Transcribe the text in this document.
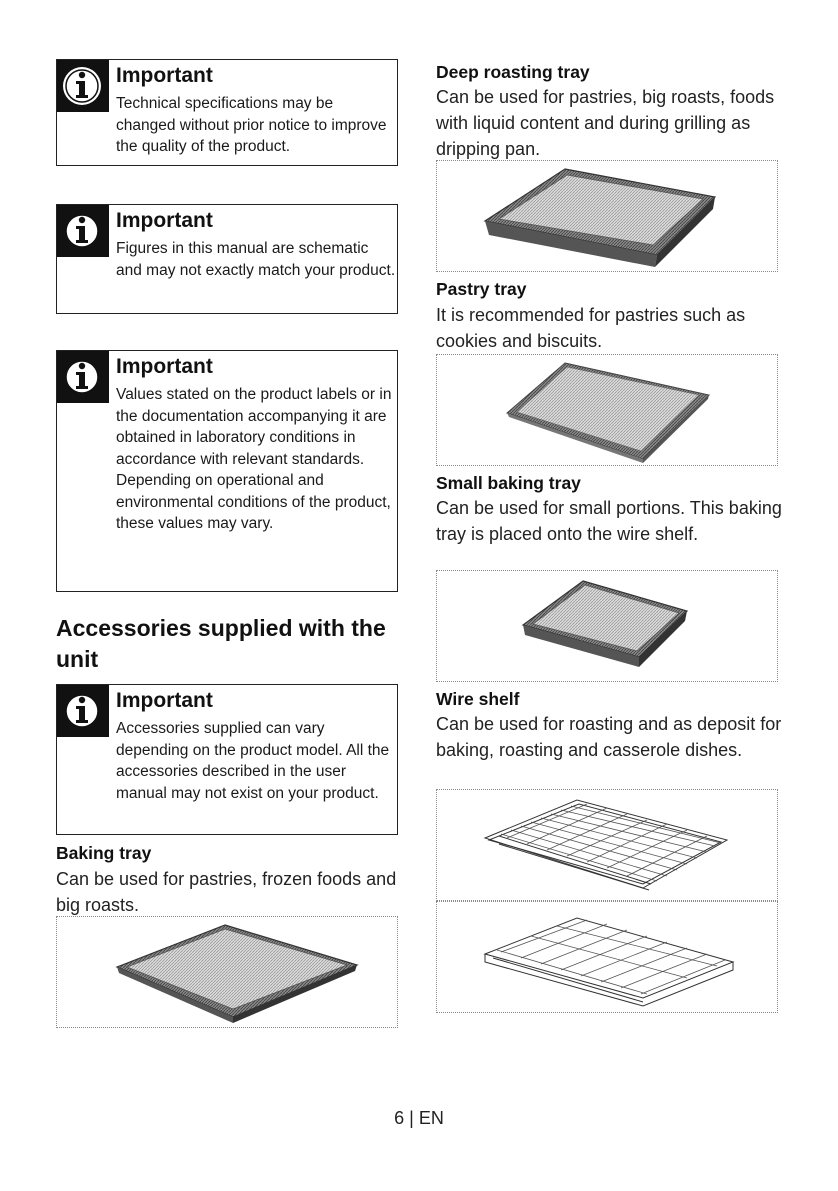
Important
Technical specifications may be changed without prior notice to improve the quality of the product.
Important
Figures in this manual are schematic and may not exactly match your product.
Important
Values stated on the product labels or in the documentation accompanying it are obtained in laboratory conditions in accordance with relevant standards. Depending on operational and environmental conditions of the product, these values may vary.
Accessories supplied with the unit
Important
Accessories supplied can vary depending on the product model. All the accessories described in the user manual may not exist on your product.
Baking tray
Can be used for pastries, frozen foods and big roasts.
Deep roasting tray
Can be used for pastries, big roasts, foods with liquid content and during grilling as dripping pan.
Pastry tray
It is recommended for pastries such as cookies and biscuits.
Small baking tray
Can be used for small portions. This baking tray is placed onto the wire shelf.
Wire shelf
Can be used for roasting and as deposit for baking, roasting and casserole dishes.
6 | EN
